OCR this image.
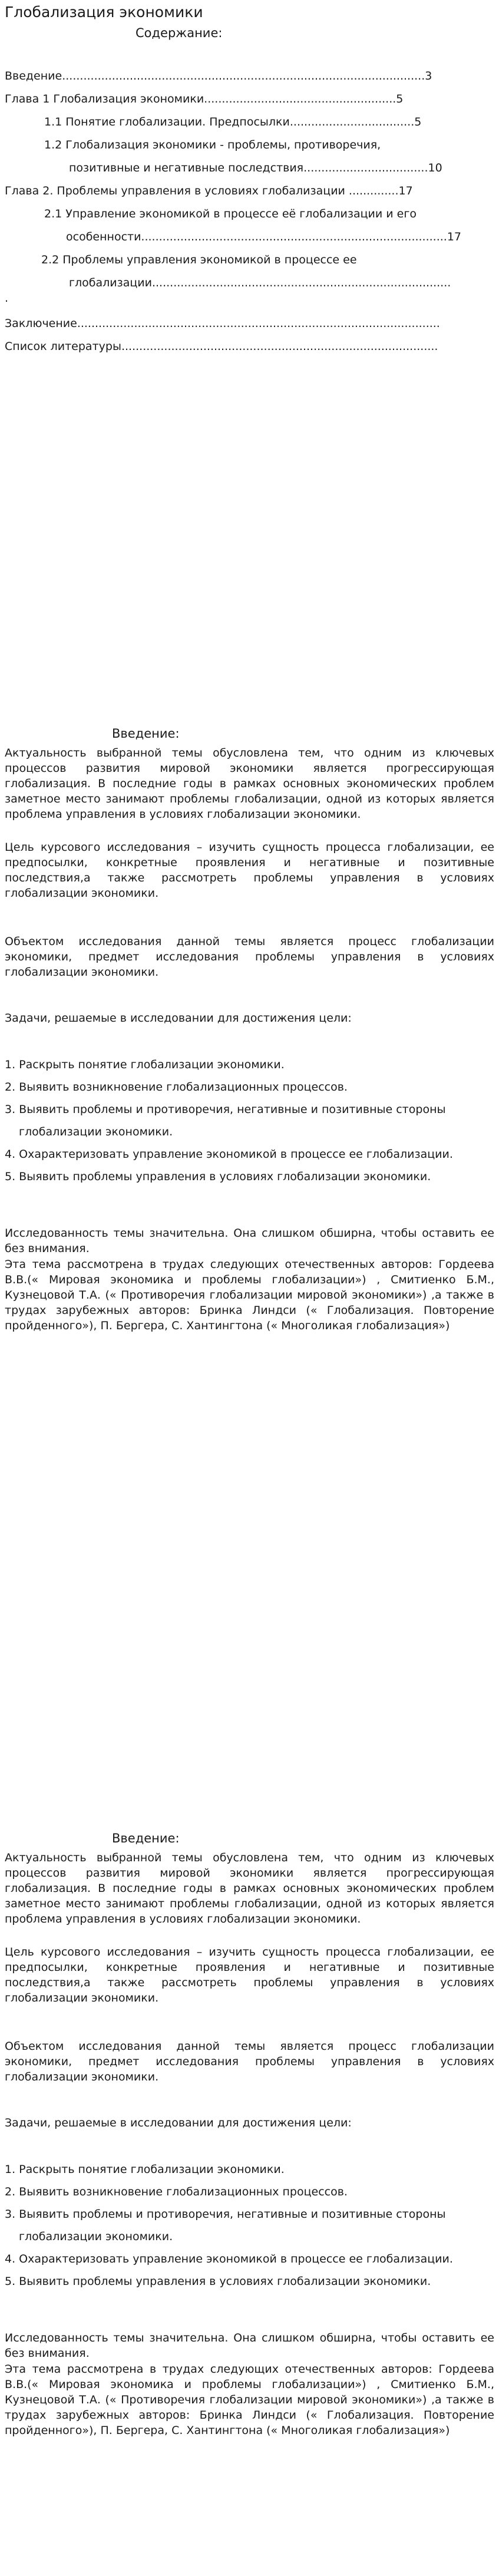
Глобализация экономики
Содержание:
Введение......................................................................................................3
Глава 1 Глобализация экономики......................................................5
1.1 Понятие глобализации. Предпосылки...................................5
1.2 Глобализация экономики - проблемы, противоречия,
позитивные и негативные последствия...................................10
Глава 2. Проблемы управления в условиях глобализации ..............17
2.1 Управление экономикой в процессе её глобализации и его
особенности......................................................................................17
2.2 Проблемы управления экономикой в процессе ее
глобализации....................................................................................
.
Заключение......................................................................................................
Список литературы.........................................................................................
Введение:

Актуальность выбранной темы обусловлена тем, что одним из ключевых процессов развития мировой экономики является прогрессирующая глобализация. В последние годы в рамках основных экономических проблем заметное место занимают проблемы глобализации, одной из которых является проблема управления в условиях глобализации экономики.

Цель курсового исследования – изучить сущность процесса глобализации, ее предпосылки, конкретные проявления и негативные и позитивные последствия,а также рассмотреть проблемы управления в условиях глобализации экономики.

Объектом исследования данной темы является процесс глобализации экономики, предмет исследования проблемы управления в условиях глобализации экономики.

Задачи, решаемые в исследовании для достижения цели:

1. Раскрыть понятие глобализации экономики.
2. Выявить возникновение глобализационных процессов.
3. Выявить проблемы и противоречия, негативные и позитивные стороны
глобализации экономики.
4. Охарактеризовать управление экономикой в процессе ее глобализации.
5. Выявить проблемы управления в условиях глобализации экономики.

Исследованность темы значительна. Она слишком обширна, чтобы оставить ее без внимания.

Эта тема рассмотрена в трудах следующих отечественных авторов: Гордеева В.В.(« Мировая экономика и проблемы глобализации») , Смитиенко Б.М., Кузнецовой Т.А. (« Противоречия глобализации мировой экономики») ,а также в трудах зарубежных авторов: Бринка Линдси (« Глобализация. Повторение пройденного»), П. Бергера, С. Хантингтона (« Многоликая глобализация»)

Введение:

Актуальность выбранной темы обусловлена тем, что одним из ключевых процессов развития мировой экономики является прогрессирующая глобализация. В последние годы в рамках основных экономических проблем заметное место занимают проблемы глобализации, одной из которых является проблема управления в условиях глобализации экономики.

Цель курсового исследования – изучить сущность процесса глобализации, ее предпосылки, конкретные проявления и негативные и позитивные последствия,а также рассмотреть проблемы управления в условиях глобализации экономики.

Объектом исследования данной темы является процесс глобализации экономики, предмет исследования проблемы управления в условиях глобализации экономики.

Задачи, решаемые в исследовании для достижения цели:

1. Раскрыть понятие глобализации экономики.
2. Выявить возникновение глобализационных процессов.
3. Выявить проблемы и противоречия, негативные и позитивные стороны
глобализации экономики.
4. Охарактеризовать управление экономикой в процессе ее глобализации.
5. Выявить проблемы управления в условиях глобализации экономики.

Исследованность темы значительна. Она слишком обширна, чтобы оставить ее без внимания.

Эта тема рассмотрена в трудах следующих отечественных авторов: Гордеева В.В.(« Мировая экономика и проблемы глобализации») , Смитиенко Б.М., Кузнецовой Т.А. (« Противоречия глобализации мировой экономики») ,а также в трудах зарубежных авторов: Бринка Линдси (« Глобализация. Повторение пройденного»), П. Бергера, С. Хантингтона (« Многоликая глобализация»)
